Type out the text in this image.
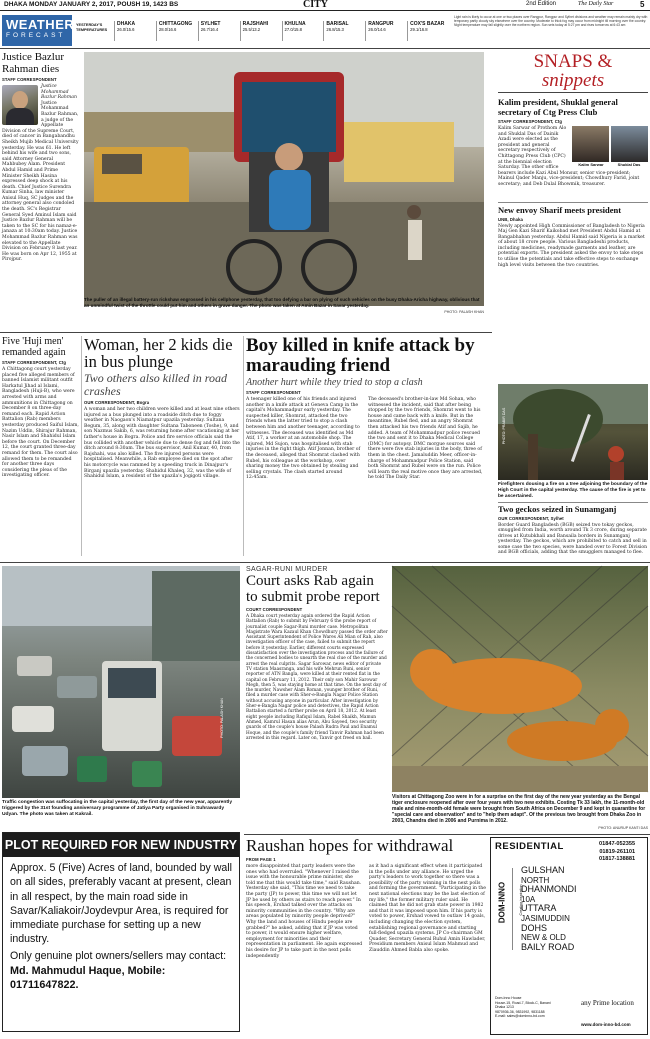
DHAKA MONDAY JANUARY 2, 2017, POUSH 19, 1423 BS	CITY	2nd Edition	The Daily Star	5
WEATHER
FORECAST
YESTERDAY'S
TEMPERATURES
DHAKA
26.0/15.6
CHITTAGONG
28.0/16.6
SYLHET
26.7/16.4
RAJSHAHI
25.5/13.2
KHULNA
27.0/15.8
BARISAL
26.8/15.3
RANGPUR
26.0/14.6
COX'S BAZAR
29.1/16.8
Light rain is likely to occur at one or two places over Rangpur, Rangpur and Sylhet divisions and weather may remain mainly dry with temporary partly cloudy sky elsewhere over the country. Moderate to thick fog may occur from midnight till morning over the country. Night temperature may fall slightly over the northern region. Sun sets today at 5:27 pm and rises tomorrow at 6:43 am
Justice Bazlur Rahman dies
STAFF CORRESPONDENT
Justice Mohammad Bazlur Rahman
Justice Mohammad Bazlur Rahman, a judge of the Appellate Division of the Supreme Court, died of cancer in Bangabandhu Sheikh Mujib Medical University yesterday. He was 61. He left behind his wife and two sons, said Attorney General Mahbubey Alam. President Abdul Hamid and Prime Minister Sheikh Hasina expressed deep shock at his death. Chief Justice Surendra Kumar Sinha, law minister Anisul Huq, SC judges and the attorney general also condoled the death. SC's Registrar General Syed Aminul Islam said Justice Bazlur Rahman will be taken to the SC for his namaz-e-janaza at 10:30am today. Justice Mohammad Bazlur Rahman was elevated to the Appellate Division on February 8 last year. He was born on Apr 12, 1955 at Pirojpur.
PHOTO: PALASH KHAN
The puller of an illegal battery-run rickshaw engrossed in his cellphone yesterday, that too defying a bar on plying of such vehicles on the busy Dhaka-Aricha highway, oblivious that an unmindful twist of the throttle could put him and others in grave danger. The photo was taken at Amin Bazar in Savar yesterday.
SNAPS &
snippets
Kalim president, Shuklal general secretary of Ctg Press Club
STAFF CORRESPONDENT, Ctg
Kalim Sarwar	Shuklal Das
Kalim Sarwar of Prothom Alo and Shuklal Das of Dainik Azadi were elected as the president and general secretary respectively of Chittagong Press Club (CPC) at the biennial election Saturday. The other office bearers include Kazi Abul Monsur, senior vice-president; Mainul Qader Manju, vice-president; Chowdhury Farid, joint secretary; and Deb Dulal Bhowmik, treasurer.
New envoy Sharif meets president
UNB, Dhaka
Newly appointed High Commissioner of Bangladesh to Nigeria Maj Gen Kazi Sharif Kaikobad met President Abdul Hamid at Bangabhaban yesterday. Abdul Hamid said Nigeria is a market of about 18 crore people. Various Bangladeshi products, including medicines, readymade garments and leather, are potential exports. The president asked the envoy to take steps to utilise the potentials and take effective steps to exchange high level visits between the two countries.
Five 'Huji men' remanded again
STAFF CORRESPONDENT, Ctg
A Chittagong court yesterday placed five alleged members of banned Islamist militant outfit Harkatul Jihad al Islami, Bangladesh (Huji-B), who were arrested with arms and ammunitions in Chittagong on December 8 on three-day remand each. Rapid Action Battalion (Rab) members yesterday produced Saiful Islam, Nazim Uddin, Shirajur Rahman, Nasir Islam and Shahidul Islam before the court. On December 12, the court granted three-day remand for them. The court also allowed them to be remanded for another three days considering the pleas of the investigating officer.
Woman, her 2 kids die in bus plunge
Two others also killed in road crashes
OUR CORRESPONDENT, Bogra
A woman and her two children were killed and at least nine others injured as a bus plunged into a roadside ditch due to foggy weather in Naogaon's Niamatpur upazila yesterday. Sultana Begum, 35, along with daughter Sultana Taboneen (Toshe), 9, and son Nazmus Sakib, 6, was returning home after vacationing at her father's house in Bogra. Police and fire service officials said the bus collided with another vehicle due to dense fog and fell into the ditch around 8:30am. The bus supervisor, Anil Kumar, 40, from Rajshahi, was also killed. The five injured persons were hospitalised. Meanwhile, a Rab employee died on the spot after his motorcycle was rammed by a speeding truck in Dinajpur's Birganj upazila yesterday. Shahidul Khaleq, 32, was the wife of Shahidul Islam, a resident of the upazila's Jogigoti village.
Boy killed in knife attack by marauding friend
Another hurt while they tried to stop a clash
STAFF CORRESPONDENT
A teenager killed one of his friends and injured another in a knife attack at Geneva Camp in the capital's Mohammadpur early yesterday. The suspected killer, Shomrat, attacked the two friends when the latter tried to stop a clash between him and another teenager, according to witnesses. The deceased was identified as Md Atif, 17, a worker at an automobile shop. The injured, Md Sujon, was hospitalised with stab injuries in the right thigh. Atif Jonnan, brother of the deceased, alleged that Shomrat clashed with Rubel, his colleague at the workshop, over sharing money the two obtained by stealing and selling crystals. The clash started around 12:45am.
The deceased's brother-in-law Md Sohan, who witnessed the incident, said that after being stopped by the two friends, Shomrat went to his house and came back with a knife. But in the meantime, Rubel fled, and an angry Shomrat then attacked his two friends Atif and Sajib, he added. A team of Mohammadpur police rescued the two and sent it to Dhaka Medical College (DMC) for autopsy. DMC morgue sources said there were five stab injuries in the body, three of them in the chest. Jamaluddin Meer, officer-in-charge of Mohammadpur Police Station, said both Shomrat and Rubel were on the run. Police will learn the real motive once they are arrested, he told The Daily Star.
PHOTO: PRABIR DAS
Firefighters dousing a fire on a tree adjoining the boundary of the High Court in the capital yesterday. The cause of the fire is yet to be ascertained.
Two geckos seized in Sunamganj
OUR CORRESPONDENT, Sylhet
Border Guard Bangladesh (BGB) seized two tokay geckos, smuggled from India, worth around Tk 3 crore, during separate drives at Kutubkhali and Bansaila borders in Sunamganj yesterday. The geckos, which are prohibited to catch and sell in some case the two species, were handed over to Forest Division and BGB officials, adding that the smugglers managed to flee.
PHOTO: PALASH KHAN
Traffic congestion was suffocating in the capital yesterday, the first day of the new year, apparently triggered by the 31st founding anniversary programme of Jatiya Party organised in Suhrawardy Udyan. The photo was taken at Kakrail.
PLOT REQUIRED FOR NEW INDUSTRY
Approx. 5 (Five) Acres of land, bounded by wall on all sides, preferably vacant at present, clean in all respect, by the main road side in Savar/Kaliakoir/Joydevpur Area, is required for immediate purchase for setting up a new industry.
Only genuine plot owners/sellers may contact:
Md. Mahmudul Haque, Mobile: 01711647822.
SAGAR-RUNI MURDER
Court asks Rab again to submit probe report
COURT CORRESPONDENT
A Dhaka court yesterday again ordered the Rapid Action Battalion (Rab) to submit by February 6 the probe report of journalist couple Sagar-Runi murder case. Metropolitan Magistrate Wara Kazaul Khan Chowdhury passed the order after Assistant Superintendent of Police Wares Ali Mian of Rab, also investigation officer of the case, failed to submit the report before it yesterday. Earlier, different courts expressed dissatisfaction over the investigation process and the failure of the concerned bodies to unearth the real clue of the murder and arrest the real culprits. Sagar Sarowar, news editor of private TV station Maasranga, and his wife Mehrun Runi, senior reporter of ATN Bangla, were killed at their rented flat in the capital on February 11, 2012. Their only son Mahir Sarowar Megh, then 5, was staying home at that time. On the next day of the murder, Nawsher Alam Roman, younger brother of Runi, filed a murder case with Sher-e-Bangla Nagar Police Station without accusing anyone in particular. After investigation by Sher-e-Bangla Nagar police and detectives, the Rapid Action Battalion started a further probe on April 18, 2012. At least eight people including Rafiqul Islam, Rabel Shaikh, Mamun Ahmed, Kamrul Hasan alias Arun, Abu Sayeed, two security guards of the couple's house Palash Rudra Paul and Enamul Hoque, and the couple's family friend Tanvir Rahman had been arrested in this regard. Later on, Tanvir got freed on bail.
Visitors at Chittagong Zoo were in for a surprise on the first day of the new year yesterday as the Bengal tiger enclosure reopened after over four years with two new exhibits. Costing Tk 33 lakh, the 11-month-old male and nine-month-old female were brought from South Africa on December 9 and kept in quarantine for "special care and observation" and to "help them adapt". Of the previous two brought from Dhaka Zoo in 2003, Chandra died in 2006 and Purnima in 2012.
PHOTO: ANURUP KANTI DAS
Raushan hopes for withdrawal
FROM PAGE 1
more disappointed that party leaders were the ones who had overruled. "Whenever I raised the issue with the honourable prime minister, she told me that this would take time," said Raushan. Yesterday she said, "This time we need to take the party (JP) to power, this time we will not let JP be used by others as stairs to reach power." In his speech, Ershad talked over the attacks on minority communities in the country. "Why are areas populated by minority people deprived?" Why the land and houses of Hindu people are grabbed?" he asked, adding that if JP was voted to power, it would ensure higher welfare, employment for minorities and their representation in parliament. He again expressed his desire for JP to take part in the next polls independently
as it had a significant effect when it participated in the polls under any alliance. He urged the party's leaders to work together so there was a possibility of the party winning in the next polls and forming the government. "Participating in the next national elections may be the last election of my life," the former military ruler said. He claimed that he did not grab state power in 1982 and that it was imposed upon him. If his party is voted to power, Ershad vowed to outlaw 14 goals, including changing the election system, establishing regional governance and starting full-fledged upazila systems. JP Co-chairman GM Quader, Secretary General Ruhul Amin Hawlader, Presidium members Anisul Islam Mahmud and Ziauddin Ahmed Babla also spoke.
RESIDENTIAL	01847-052355
01819-261101
01817-138881
DOM-INNO	Creating inspiration
GULSHAN
NORTH
DHANMONDI
10A
UTTARA
JASIMUDDIN
DOHS
NEW & OLD
BAILY ROAD
Dom-Inno House
House-15, Road-7, Block-C, Banani
Dhaka 1213
9870936-36, 9831992, 9831188
E-mail: sales@dominno-bd.com
any Prime location
www.dom-inno-bd.com
